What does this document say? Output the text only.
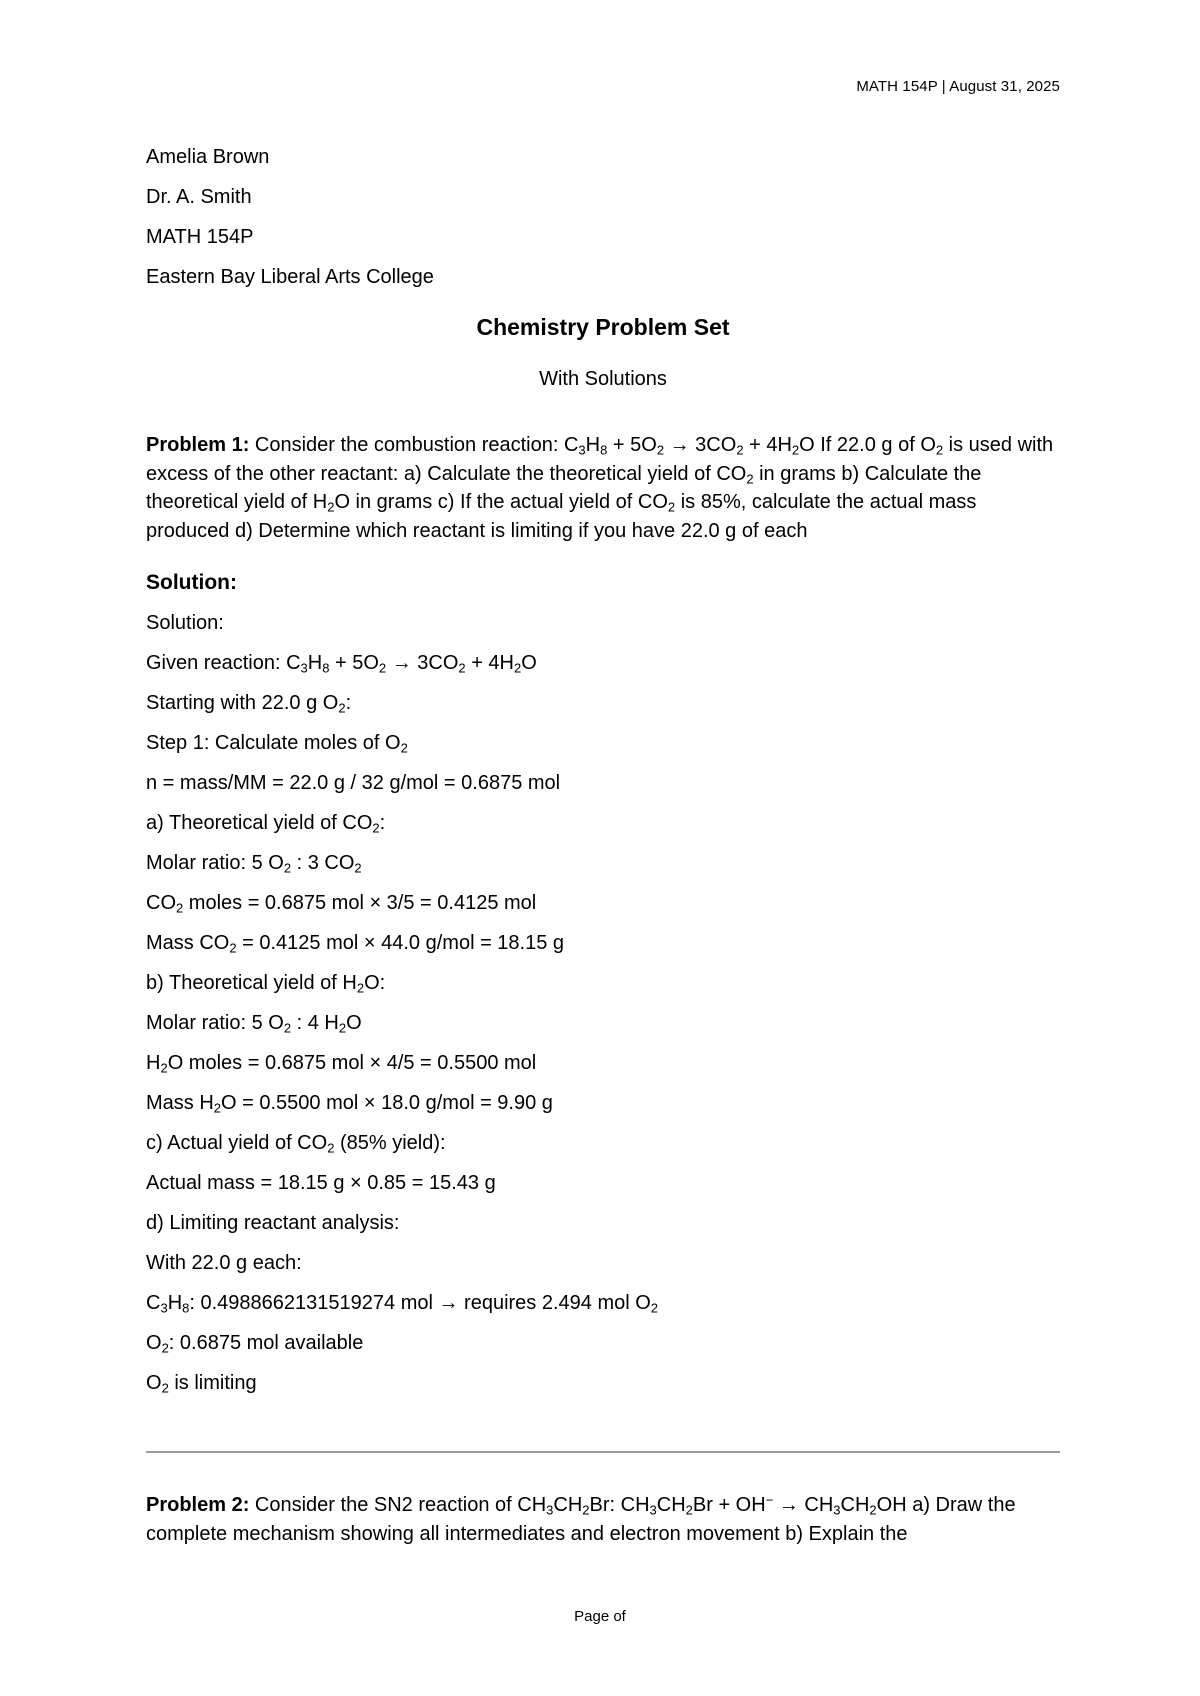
MATH 154P | August 31, 2025
Amelia Brown
Dr. A. Smith
MATH 154P
Eastern Bay Liberal Arts College
Chemistry Problem Set
With Solutions
Problem 1: Consider the combustion reaction: $C_3H_8 + 5O_2 \to 3CO_2 + 4H_2O$ If 22.0 g of $O_2$ is used with excess of the other reactant: a) Calculate the theoretical yield of $CO_2$ in grams b) Calculate the theoretical yield of $H_2O$ in grams c) If the actual yield of $CO_2$ is 85%, calculate the actual mass produced d) Determine which reactant is limiting if you have 22.0 g of each
Solution:
Solution:
Given reaction: $C_3H_8 + 5O_2 \to 3CO_2 + 4H_2O$
Starting with 22.0 g $O_2$:
Step 1: Calculate moles of $O_2$
n = mass/MM = 22.0 g / 32 g/mol = 0.6875 mol
a) Theoretical yield of $CO_2$:
Molar ratio: 5 $O_2$ : 3 $CO_2$
$CO_2$ moles = 0.6875 mol × 3/5 = 0.4125 mol
Mass $CO_2 = 0.4125$ mol × 44.0 g/mol = 18.15 g
b) Theoretical yield of $H_2O$:
Molar ratio: 5 $O_2$ : 4 $H_2O$
$H_2O$ moles = 0.6875 mol × 4/5 = 0.5500 mol
Mass $H_2O = 0.5500$ mol × 18.0 g/mol = 9.90 g
c) Actual yield of $CO_2$ (85% yield):
Actual mass = 18.15 g × 0.85 = 15.43 g
d) Limiting reactant analysis:
With 22.0 g each:
$C_3H_8$: 0.4988662131519274 mol → requires 2.494 mol $O_2$
$O_2$: 0.6875 mol available
$O_2$ is limiting
Problem 2: Consider the SN2 reaction of $CH_3CH_2Br$: $CH_3CH_2Br + OH^- \to CH_3CH_2OH$ a) Draw the complete mechanism showing all intermediates and electron movement b) Explain the
Page of
